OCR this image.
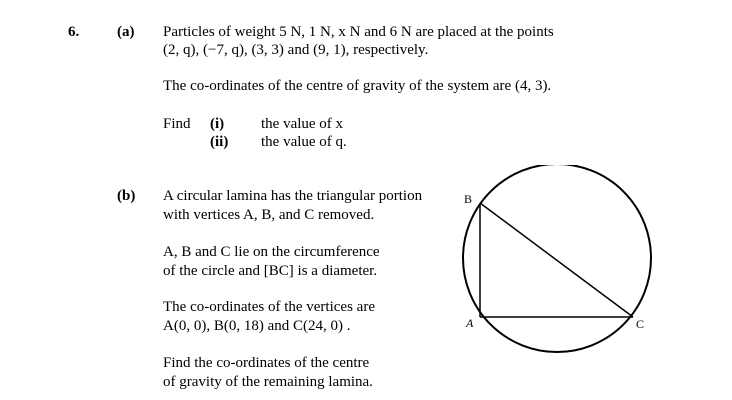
6.	(a) Particles of weight 5 N, 1 N, x N and 6 N are placed at the points
(2, q), (−7, q), (3, 3) and (9, 1), respectively.
The co-ordinates of the centre of gravity of the system are (4, 3).
Find (i) the value of x
(ii) the value of q.
(b) A circular lamina has the triangular portion
with vertices A, B, and C removed.
A, B and C lie on the circumference
of the circle and [BC] is a diameter.
The co-ordinates of the vertices are
A(0, 0), B(0, 18) and C(24, 0) .
Find the co-ordinates of the centre
of gravity of the remaining lamina.
B
A	C
